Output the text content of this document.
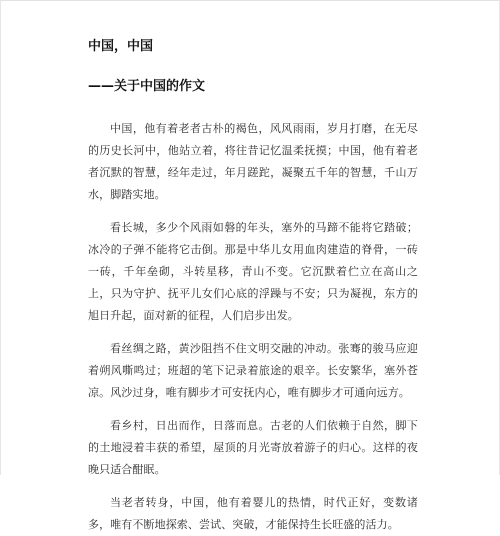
中国，中国
——关于中国的作文

中国，他有着老者古朴的褐色，风风雨雨，岁月打磨，在无尽的历史长河中，他站立着，将往昔记忆温柔抚摸；中国，他有着老者沉默的智慧，经年走过，年月蹉跎，凝聚五千年的智慧，千山万水，脚踏实地。

看长城，多少个风雨如磐的年头，塞外的马蹄不能将它踏破；冰冷的子弹不能将它击倒。那是中华儿女用血肉建造的脊骨，一砖一砖，千年垒砌，斗转星移，青山不变。它沉默着伫立在高山之上，只为守护、抚平儿女们心底的浮躁与不安；只为凝视，东方的旭日升起，面对新的征程，人们启步出发。

看丝绸之路，黄沙阻挡不住文明交融的冲动。张骞的骏马应迎着朔风嘶鸣过；班超的笔下记录着旅途的艰辛。长安繁华，塞外苍凉。风沙过身，唯有脚步才可安抚内心，唯有脚步才可通向远方。

看乡村，日出而作，日落而息。古老的人们依赖于自然，脚下的土地浸着丰获的希望，屋顶的月光寄放着游子的归心。这样的夜晚只适合酣眠。

当老者转身，中国，他有着婴儿的热情，时代正好，变数诸多，唯有不断地探索、尝试、突破，才能保持生长旺盛的活力。
